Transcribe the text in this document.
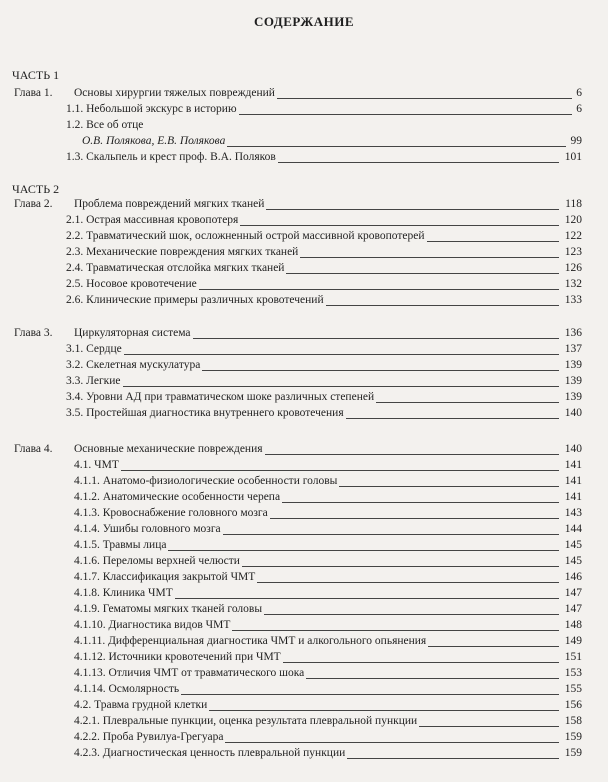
СОДЕРЖАНИЕ
ЧАСТЬ 1
ЧАСТЬ 2
Глава 1. Основы хирургии тяжелых повреждений	6
1.1. Небольшой экскурс в историю	6
1.2. Все об отце
О.В. Полякова, Е.В. Полякова	99
1.3. Скальпель и крест проф. В.А. Поляков	101
Глава 2. Проблема повреждений мягких тканей	118
2.1. Острая массивная кровопотеря	120
2.2. Травматический шок, осложненный острой массивной кровопотерей	122
2.3. Механические повреждения мягких тканей	123
2.4. Травматическая отслойка мягких тканей	126
2.5. Носовое кровотечение	132
2.6. Клинические примеры различных кровотечений	133
Глава 3. Циркуляторная система	136
3.1. Сердце	137
3.2. Скелетная мускулатура	139
3.3. Легкие	139
3.4. Уровни АД при травматическом шоке различных степеней	139
3.5. Простейшая диагностика внутреннего кровотечения	140
Глава 4. Основные механические повреждения	140
4.1. ЧМТ	141
4.1.1. Анатомо-физиологические особенности головы	141
4.1.2. Анатомические особенности черепа	141
4.1.3. Кровоснабжение головного мозга	143
4.1.4. Ушибы головного мозга	144
4.1.5. Травмы лица	145
4.1.6. Переломы верхней челюсти	145
4.1.7. Классификация закрытой ЧМТ	146
4.1.8. Клиника ЧМТ	147
4.1.9. Гематомы мягких тканей головы	147
4.1.10. Диагностика видов ЧМТ	148
4.1.11. Дифференциальная диагностика ЧМТ и алкогольного опьянения	149
4.1.12. Источники кровотечений при ЧМТ	151
4.1.13. Отличия ЧМТ от травматического шока	153
4.1.14. Осмолярность	155
4.2. Травма грудной клетки	156
4.2.1. Плевральные пункции, оценка результата плевральной пункции	158
4.2.2. Проба Рувилуа-Грегуара	159
4.2.3. Диагностическая ценность плевральной пункции	159
